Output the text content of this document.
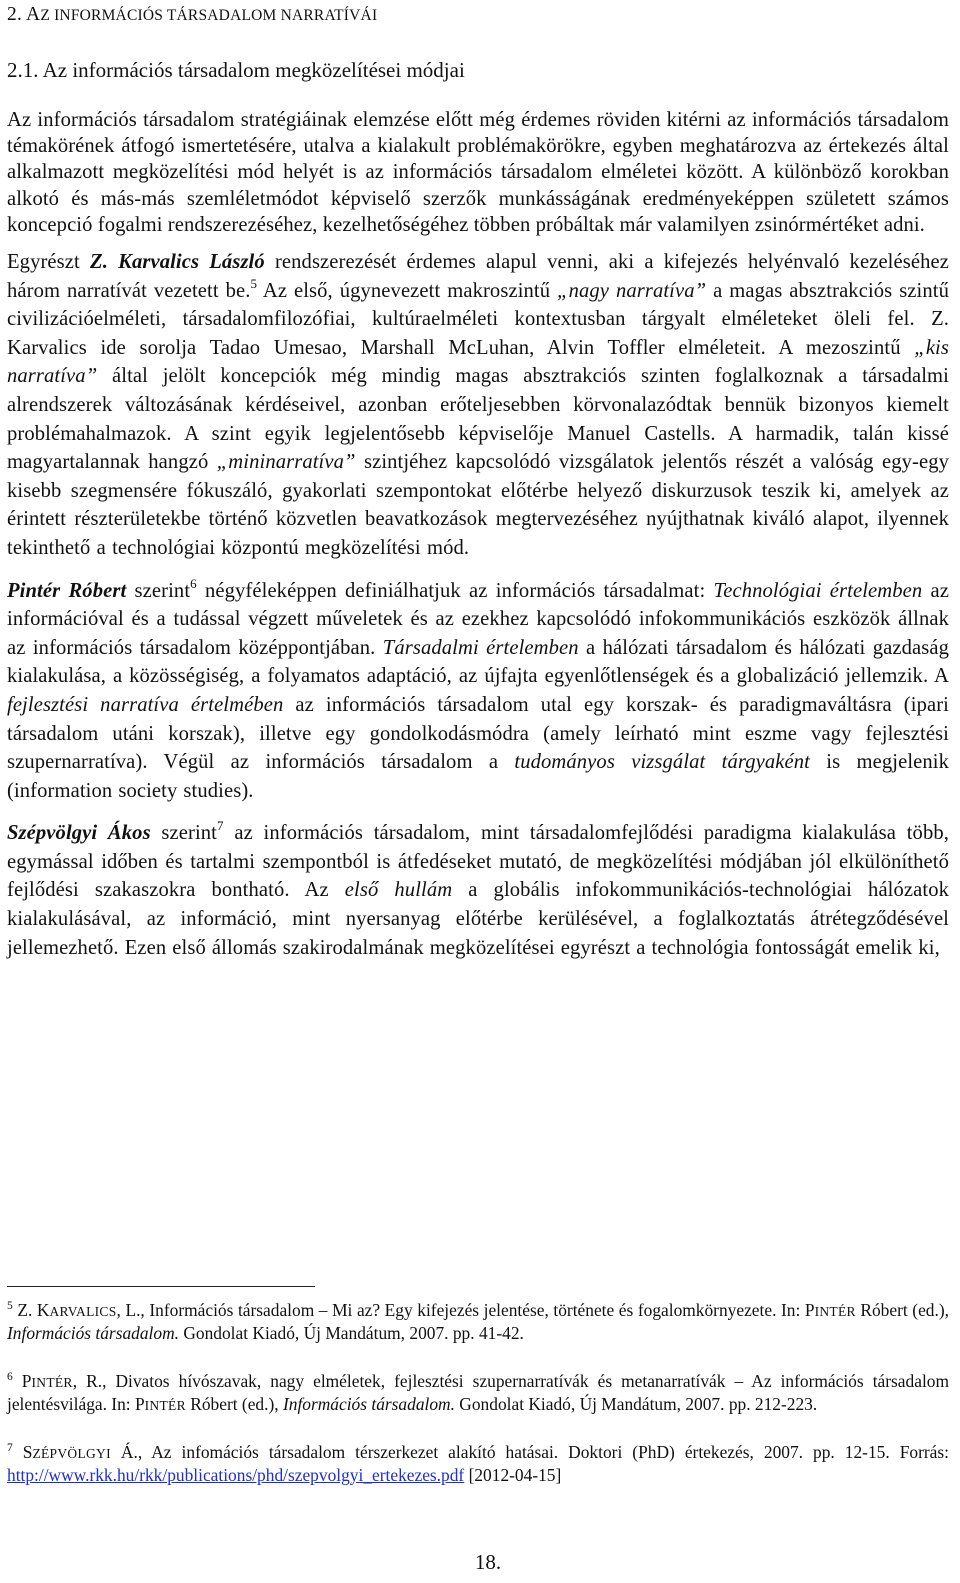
2. AZ INFORMÁCIÓS TÁRSADALOM NARRATÍVÁI
2.1. Az információs társadalom megközelítései módjai

Az információs társadalom stratégiáinak elemzése előtt még érdemes röviden kitérni az információs társadalom témakörének átfogó ismertetésére, utalva a kialakult problémakörökre, egyben meghatározva az értekezés által alkalmazott megközelítési mód helyét is az információs társadalom elméletei között. A különböző korokban alkotó és más-más szemléletmódot képviselő szerzők munkásságának eredményeképpen született számos koncepció fogalmi rendszerezéséhez, kezelhetőségéhez többen próbáltak már valamilyen zsinórmértéket adni.

Egyrészt Z. Karvalics László rendszerezését érdemes alapul venni, aki a kifejezés helyénvaló kezeléséhez három narratívát vezetett be.$^5$ Az első, úgynevezett makroszintű „nagy narratíva” a magas absztrakciós szintű civilizációelméleti, társadalomfilozófiai, kultúraelméleti kontextusban tárgyalt elméleteket öleli fel. Z. Karvalics ide sorolja Tadao Umesao, Marshall McLuhan, Alvin Toffler elméleteit. A mezoszintű „kis narratíva” által jelölt koncepciók még mindig magas absztrakciós szinten foglalkoznak a társadalmi alrendszerek változásának kérdéseivel, azonban erőteljesebben körvonalazódtak bennük bizonyos kiemelt problémahalmazok. A szint egyik legjelentősebb képviselője Manuel Castells. A harmadik, talán kissé magyartalannak hangzó „mininarratíva” szintjéhez kapcsolódó vizsgálatok jelentős részét a valóság egy-egy kisebb szegmensére fókuszáló, gyakorlati szempontokat előtérbe helyező diskurzusok teszik ki, amelyek az érintett részterületekbe történő közvetlen beavatkozások megtervezéséhez nyújthatnak kiváló alapot, ilyennek tekinthető a technológiai központú megközelítési mód.

Pintér Róbert szerint$^6$ négyféleképpen definiálhatjuk az információs társadalmat: Technológiai értelemben az információval és a tudással végzett műveletek és az ezekhez kapcsolódó infokommunikációs eszközök állnak az információs társadalom középpontjában. Társadalmi értelemben a hálózati társadalom és hálózati gazdaság kialakulása, a közösségiség, a folyamatos adaptáció, az újfajta egyenlőtlenségek és a globalizáció jellemzik. A fejlesztési narratíva értelmében az információs társadalom utal egy korszak- és paradigmaváltásra (ipari társadalom utáni korszak), illetve egy gondolkodásmódra (amely leírható mint eszme vagy fejlesztési szupernarratíva). Végül az információs társadalom a tudományos vizsgálat tárgyaként is megjelenik (information society studies).

Szépvölgyi Ákos szerint$^7$ az információs társadalom, mint társadalomfejlődési paradigma kialakulása több, egymással időben és tartalmi szempontból is átfedéseket mutató, de megközelítési módjában jól elkülöníthető fejlődési szakaszokra bontható. Az első hullám a globális infokommunikációs-technológiai hálózatok kialakulásával, az információ, mint nyersanyag előtérbe kerülésével, a foglalkoztatás átrétegződésével jellemezhető. Ezen első állomás szakirodalmának megközelítései egyrészt a technológia fontosságát emelik ki,

$^5$ Z. KARVALICS, L., Információs társadalom – Mi az? Egy kifejezés jelentése, története és fogalomkörnyezete. In: PINTÉR Róbert (ed.), Információs társadalom. Gondolat Kiadó, Új Mandátum, 2007. pp. 41-42.
$^6$ PINTÉR, R., Divatos hívószavak, nagy elméletek, fejlesztési szupernarratívák és metanarratívák – Az információs társadalom jelentésvilága. In: PINTÉR Róbert (ed.), Információs társadalom. Gondolat Kiadó, Új Mandátum, 2007. pp. 212-223.
$^7$ SZÉPVÖLGYI Á., Az infomációs társadalom térszerkezet alakító hatásai. Doktori (PhD) értekezés, 2007. pp. 12-15. Forrás: http://www.rkk.hu/rkk/publications/phd/szepvolgyi_ertekezes.pdf [2012-04-15]
18.
